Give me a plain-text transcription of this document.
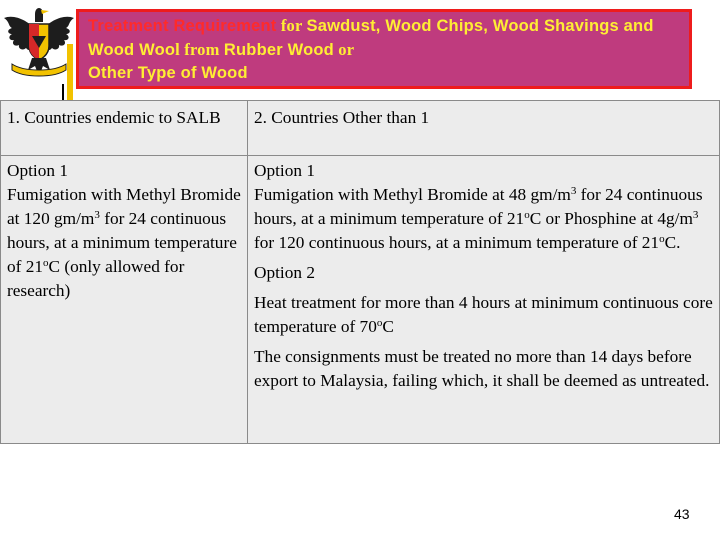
Treatment Requirement for Sawdust, Wood Chips, Wood Shavings and Wood Wool from Rubber Wood or
Other Type of Wood
1. Countries endemic to SALB	2. Countries Other than 1

Option 1

Fumigation with Methyl Bromide at 120 $gm/m^3$ for 24 continuous hours, at a minimum temperature of 21$^o$C (only allowed for research)

Option 1

Fumigation with Methyl Bromide at 48 $gm/m^3$ for 24 continuous hours, at a minimum temperature of 21$^o$C or Phosphine at $4g/m^3$ for 120 continuous hours, at a minimum temperature of 21$^o$C.

Option 2

Heat treatment for more than 4 hours at minimum continuous core temperature of 70$^o$C

The consignments must be treated no more than 14 days before export to Malaysia, failing which, it shall be deemed as untreated.

43
